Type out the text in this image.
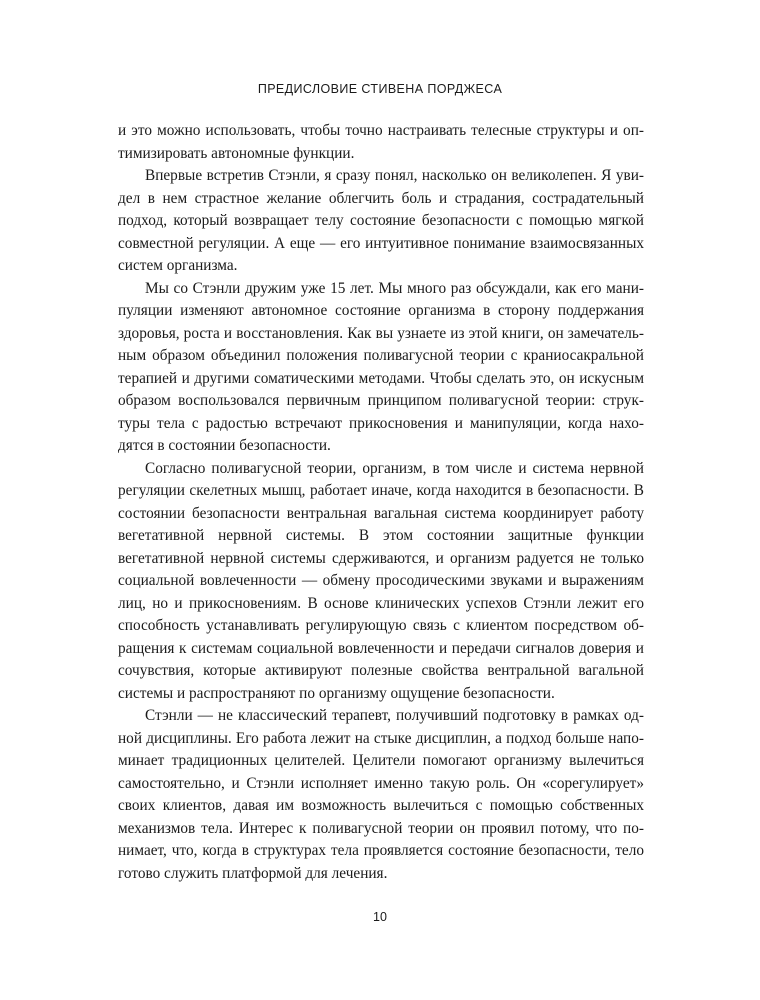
ПРЕДИСЛОВИЕ СТИВЕНА ПОРДЖЕСА

и это можно использовать, чтобы точно настраивать телесные структуры и оптимизировать автономные функции.

Впервые встретив Стэнли, я сразу понял, насколько он великолепен. Я увидел в нем страстное желание облегчить боль и страдания, сострадательный подход, который возвращает телу состояние безопасности с помощью мягкой совместной регуляции. А еще — его интуитивное понимание взаимосвязанных систем организма.

Мы со Стэнли дружим уже 15 лет. Мы много раз обсуждали, как его манипуляции изменяют автономное состояние организма в сторону поддержания здоровья, роста и восстановления. Как вы узнаете из этой книги, он замечательным образом объединил положения поливагусной теории с краниосакральной терапией и другими соматическими методами. Чтобы сделать это, он искусным образом воспользовался первичным принципом поливагусной теории: структуры тела с радостью встречают прикосновения и манипуляции, когда находятся в состоянии безопасности.

Согласно поливагусной теории, организм, в том числе и система нервной регуляции скелетных мышц, работает иначе, когда находится в безопасности. В состоянии безопасности вентральная вагальная система координирует работу вегетативной нервной системы. В этом состоянии защитные функции вегетативной нервной системы сдерживаются, и организм радуется не только социальной вовлеченности — обмену просодическими звуками и выражениям лиц, но и прикосновениям. В основе клинических успехов Стэнли лежит его способность устанавливать регулирующую связь с клиентом посредством обращения к системам социальной вовлеченности и передачи сигналов доверия и сочувствия, которые активируют полезные свойства вентральной вагальной системы и распространяют по организму ощущение безопасности.

Стэнли — не классический терапевт, получивший подготовку в рамках одной дисциплины. Его работа лежит на стыке дисциплин, а подход больше напоминает традиционных целителей. Целители помогают организму вылечиться самостоятельно, и Стэнли исполняет именно такую роль. Он «сорегулирует» своих клиентов, давая им возможность вылечиться с помощью собственных механизмов тела. Интерес к поливагусной теории он проявил потому, что понимает, что, когда в структурах тела проявляется состояние безопасности, тело готово служить платформой для лечения.

10
